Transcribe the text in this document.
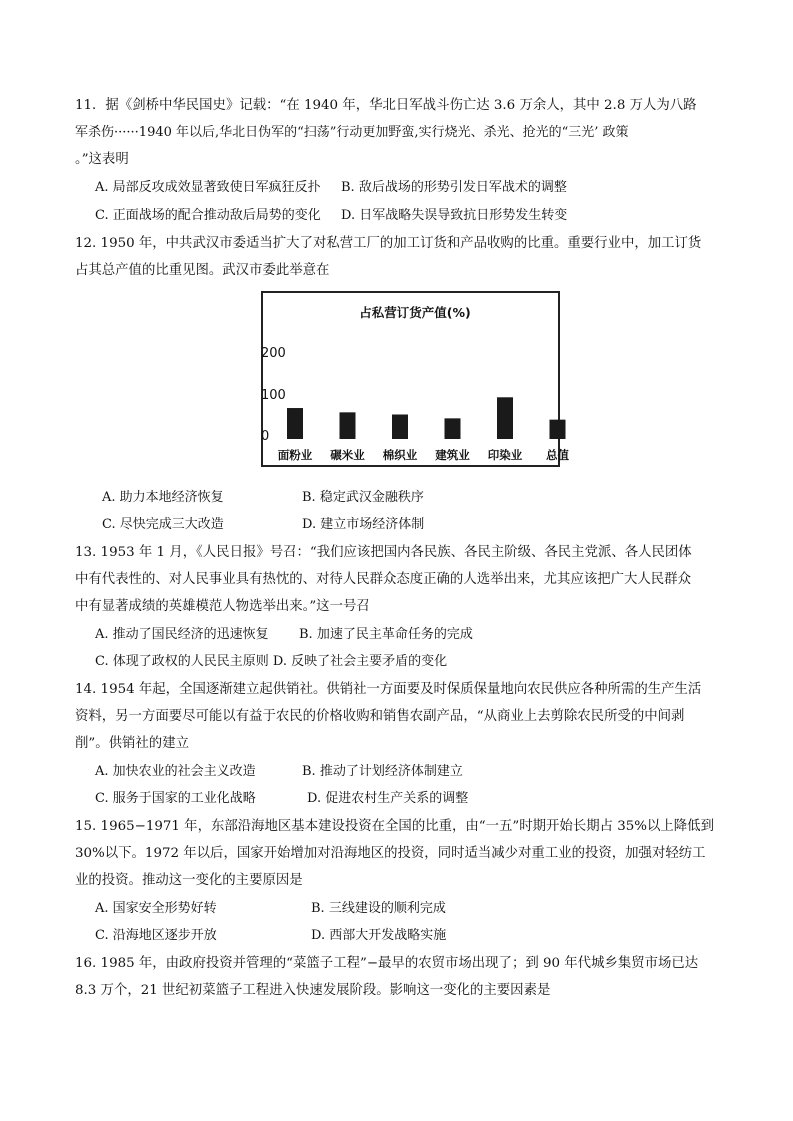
11．据《剑桥中华民国史》记载：“在 1940 年，华北日军战斗伤亡达 3.6 万余人，其中 2.8 万人为八路
军杀伤······1940 年以后,华北日伪军的“扫荡”行动更加野蛮,实行烧光、杀光、抢光的“三光’ 政策
。”这表明
A. 局部反攻成效显著致使日军疯狂反扑 B. 敌后战场的形势引发日军战术的调整
C. 正面战场的配合推动敌后局势的变化 D. 日军战略失误导致抗日形势发生转变
12. 1950 年，中共武汉市委适当扩大了对私营工厂的加工订货和产品收购的比重。重要行业中，加工订货
占其总产值的比重见图。武汉市委此举意在
占私营订货产值(%)
200
100
0
面粉业 碾米业 棉织业 建筑业 印染业 总值
A. 助力本地经济恢复	B. 稳定武汉金融秩序
C. 尽快完成三大改造	D. 建立市场经济体制
13. 1953 年 1 月，《人民日报》号召：“我们应该把国内各民族、各民主阶级、各民主党派、各人民团体
中有代表性的、对人民事业具有热忱的、对待人民群众态度正确的人选举出来，尤其应该把广大人民群众
中有显著成绩的英雄模范人物选举出来。”这一号召
A. 推动了国民经济的迅速恢复 B. 加速了民主革命任务的完成
C. 体现了政权的人民民主原则 D. 反映了社会主要矛盾的变化
14. 1954 年起，全国逐渐建立起供销社。供销社一方面要及时保质保量地向农民供应各种所需的生产生活
资料，另一方面要尽可能以有益于农民的价格收购和销售农副产品，“从商业上去剪除农民所受的中间剥
削”。供销社的建立
A. 加快农业的社会主义改造	B. 推动了计划经济体制建立
C. 服务于国家的工业化战略	D. 促进农村生产关系的调整
15. 1965−1971 年，东部沿海地区基本建设投资在全国的比重，由“一五”时期开始长期占 35%以上降低到
30%以下。1972 年以后，国家开始增加对沿海地区的投资，同时适当减少对重工业的投资，加强对轻纺工
业的投资。推动这一变化的主要原因是
A. 国家安全形势好转	B. 三线建设的顺利完成
C. 沿海地区逐步开放	D. 西部大开发战略实施
16. 1985 年，由政府投资并管理的“菜篮子工程”−最早的农贸市场出现了；到 90 年代城乡集贸市场已达
8.3 万个，21 世纪初菜篮子工程进入快速发展阶段。影响这一变化的主要因素是
